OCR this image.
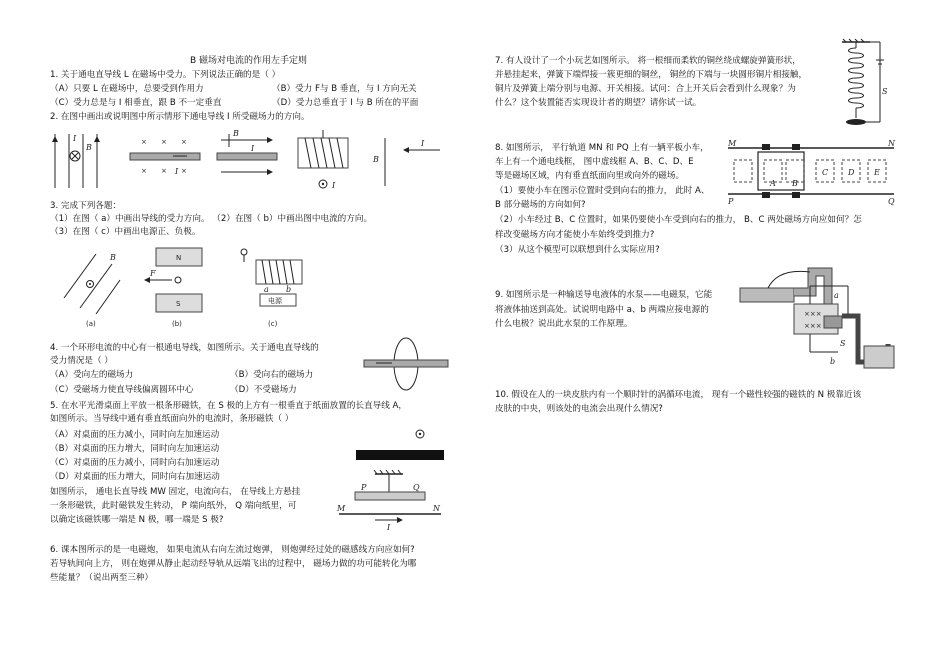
B 磁场对电流的作用左手定则
1. 关于通电直导线 L 在磁场中受力。下列说法正确的是（ ）
（A）只要 L 在磁场中，总要受到作用力	（B）受力 F与 B 垂直，与 I 方向无关
（C）受力总是与 I 相垂直，跟 B 不一定垂直	（D）受力总垂直于 I 与 B 所在的平面
2. 在图中画出或说明图中所示情形下通电导线 I 所受磁场力的方向。
I
B
× × ×
× × ×
I
B
I
I
B
I
3. 完成下列各题：
（1）在图（ a）中画出导线的受力方向。 （2）在图（ b）中画出图中电流的方向。
（3）在图（ c）中画出电源正、负极。
B
(a)
N
S
F
(b)
电源
a b
(c)
4. 一个环形电流的中心有一根通电导线，如图所示。关于通电直导线的
受力情况是（ ）
（A）受向左的磁场力	（B）受向右的磁场力
（C）受磁场力使直导线偏离圆环中心	（D）不受磁场力
5. 在水平光滑桌面上平放一根条形磁铁，在 S 极的上方有一根垂直于纸面放置的长直导线 A，
如图所示。当导线中通有垂直纸面向外的电流时，条形磁铁（ ）
（A）对桌面的压力减小，同时向左加速运动
（B）对桌面的压力增大，同时向左加速运动
（C）对桌面的压力减小，同时向右加速运动
（D）对桌面的压力增大，同时向右加速运动
如图所示， 通电长直导线 MW 固定，电流向右， 在导线上方悬挂
一条形磁铁，此时磁铁发生转动， P 端向纸外， Q 端向纸里，可
以确定该磁铁哪一端是 N 极，哪一端是 S 极?
P	Q
M	N
I
6. 课本图所示的是一电磁炮， 如果电流从右向左流过炮弹， 则炮弹经过处的磁感线方向应如何?
若导轨间向上方， 则在炮弹从静止起动经导轨从远端飞出的过程中， 磁场力做的功可能转化为哪
些能量？（说出两至三种）
7. 有人设计了一个小玩艺如图所示。 将一根细而柔软的铜丝绕成螺旋弹簧形状，
并悬挂起来，弹簧下端焊接一簇更细的铜丝， 铜丝的下端与一块圆形铜片相接触，
铜片及弹簧上端分别与电源、开关相接。试问：合上开关后会看到什么现象？为
什么？这个装置能否实现设计者的期望？请你试一试。
S
8. 如图所示， 平行轨道 MN 和 PQ 上有一辆平板小车，
车上有一个通电线框， 图中虚线框 A、B、C、D、E
等是磁场区域，内有垂直纸面向里或向外的磁场。
（1）要使小车在图示位置时受到向右的推力， 此时 A、
B 部分磁场的方向如何?
（2）小车经过 B、C 位置时，如果仍要使小车受到向右的推力， B、C 两处磁场方向应如何？怎
样改变磁场方向才能使小车始终受到推力?
（3）从这个模型可以联想到什么实际应用?
M	N
P	Q
A B
C D E
9. 如图所示是一种输送导电液体的水泵——电磁泵，它能
将液体抽送到高处。试说明电路中 a、b 两端应接电源的
什么电极？说出此水泵的工作原理。
×××
×××
a
b
S
10. 假设在人的一块皮肤内有一个顺时针的涡循环电流， 现有一个磁性较强的磁铁的 N 极靠近该
皮肤的中央，则该处的电流会出现什么情况?
